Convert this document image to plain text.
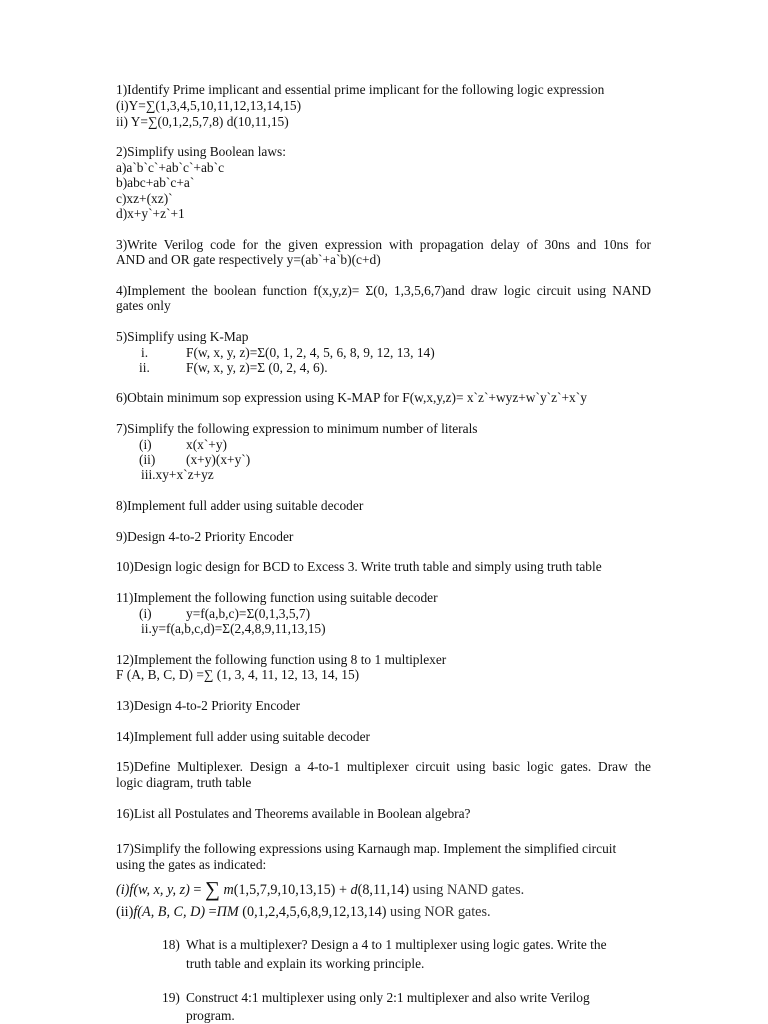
1)Identify Prime implicant and essential prime implicant for the following logic expression
(i)Y=∑(1,3,4,5,10,11,12,13,14,15)
ii) Y=∑(0,1,2,5,7,8) d(10,11,15)
2)Simplify using Boolean laws:
a)a`b`c`+ab`c`+ab`c
b)abc+ab`c+a`
c)xz+(xz)`
d)x+y`+z`+1
3)Write Verilog code for the given expression with propagation delay of 30ns and 10ns for
AND and OR gate respectively y=(ab`+a`b)(c+d)
4)Implement the boolean function f(x,y,z)= Σ(0, 1,3,5,6,7)and draw logic circuit using NAND
gates only
5)Simplify using K-Map
i.	F(w, x, y, z)=Σ(0, 1, 2, 4, 5, 6, 8, 9, 12, 13, 14)
ii.	F(w, x, y, z)=Σ (0, 2, 4, 6).
6)Obtain minimum sop expression using K-MAP for F(w,x,y,z)= x`z`+wyz+w`y`z`+x`y
7)Simplify the following expression to minimum number of literals
(i)	x(x`+y)
(ii) (x+y)(x+y`)
iii.xy+x`z+yz
8)Implement full adder using suitable decoder
9)Design 4-to-2 Priority Encoder
10)Design logic design for BCD to Excess 3. Write truth table and simply using truth table
11)Implement the following function using suitable decoder
(i)	y=f(a,b,c)=Σ(0,1,3,5,7)
ii.y=f(a,b,c,d)=Σ(2,4,8,9,11,13,15)
12)Implement the following function using 8 to 1 multiplexer
F (A, B, C, D) =∑ (1, 3, 4, 11, 12, 13, 14, 15)
13)Design 4-to-2 Priority Encoder
14)Implement full adder using suitable decoder
15)Define Multiplexer. Design a 4-to-1 multiplexer circuit using basic logic gates. Draw the
logic diagram, truth table
16)List all Postulates and Theorems available in Boolean algebra?
17)Simplify the following expressions using Karnaugh map. Implement the simplified circuit
using the gates as indicated:
(i)f(w, x, y, z) = ∑ m(1,5,7,9,10,13,15) + d(8,11,14) using NAND gates.
(ii)f(A, B, C, D) =ΠM (0,1,2,4,5,6,8,9,12,13,14) using NOR gates.
18) What is a multiplexer? Design a 4 to 1 multiplexer using logic gates. Write the
truth table and explain its working principle.
19) Construct 4:1 multiplexer using only 2:1 multiplexer and also write Verilog
program.
